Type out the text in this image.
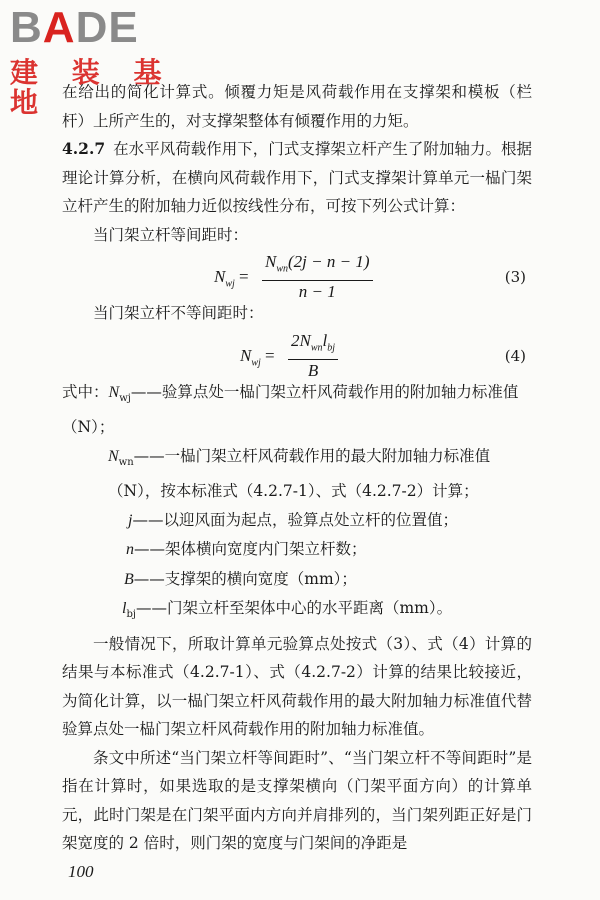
BADE
建 装 基 地 在给出的简化计算式。倾覆力矩是风荷载作用在支撑架和模板（栏杆）上所产生的，对支撑架整体有倾覆作用的力矩。

4.2.7 在水平风荷载作用下，门式支撑架立杆产生了附加轴力。根据理论计算分析，在横向风荷载作用下，门式支撑架计算单元一榀门架立杆产生的附加轴力近似按线性分布，可按下列公式计算：

当门架立杆等间距时：

$N_{wj}$ =
$N_{wn}(2j - n - 1)$
n − 1
(3)

当门架立杆不等间距时：

$N_{wj}$ =
$2N_{wn}l_{bj}$
B
(4)
式中：$N_{wj}——$验算点处一榀门架立杆风荷载作用的附加轴力标准值（N）；
$N_{wn}——$一榀门架立杆风荷载作用的最大附加轴力标准值（N），按本标准式（4.2.7-1）、式（4.2.7-2）计算；
j——以迎风面为起点，验算点处立杆的位置值；
n——架体横向宽度内门架立杆数；
B——支撑架的横向宽度（mm）；
$l_{bj}——$门架立杆至架体中心的水平距离（mm）。

一般情况下，所取计算单元验算点处按式（3）、式（4）计算的结果与本标准式（4.2.7-1）、式（4.2.7-2）计算的结果比较接近，为简化计算，以一榀门架立杆风荷载作用的最大附加轴力标准值代替验算点处一榀门架立杆风荷载作用的附加轴力标准值。

条文中所述“当门架立杆等间距时”、“当门架立杆不等间距时”是指在计算时，如果选取的是支撑架横向（门架平面方向）的计算单元，此时门架是在门架平面内方向并肩排列的，当门架列距正好是门架宽度的 2 倍时，则门架的宽度与门架间的净距是

100
